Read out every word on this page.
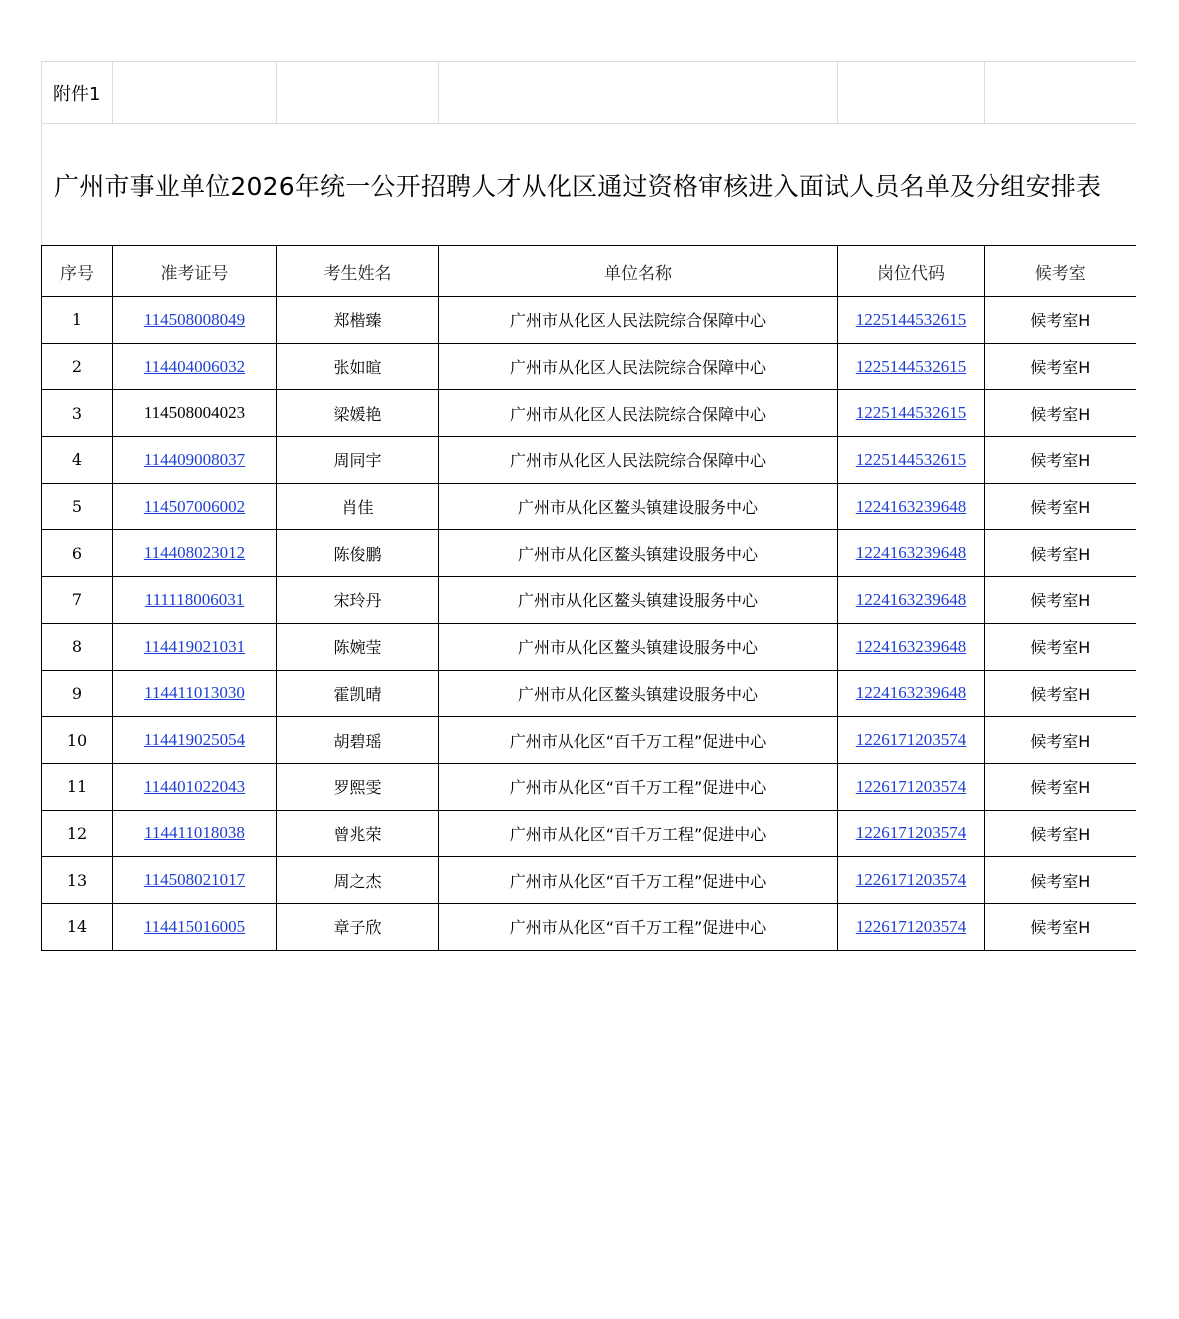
附件1					
广州市事业单位2026年统一公开招聘人才从化区通过资格审核进入面试人员名单及分组安排表					
序号	准考证号	考生姓名	单位名称	岗位代码	候考室
1	114508008049	郑楷臻	广州市从化区人民法院综合保障中心	1225144532615	候考室H
2	114404006032	张如暄	广州市从化区人民法院综合保障中心	1225144532615	候考室H
3	114508004023	梁媛艳	广州市从化区人民法院综合保障中心	1225144532615	候考室H
4	114409008037	周同宇	广州市从化区人民法院综合保障中心	1225144532615	候考室H
5	114507006002	肖佳	广州市从化区鳌头镇建设服务中心	1224163239648	候考室H
6	114408023012	陈俊鹏	广州市从化区鳌头镇建设服务中心	1224163239648	候考室H
7	111118006031	宋玲丹	广州市从化区鳌头镇建设服务中心	1224163239648	候考室H
8	114419021031	陈婉莹	广州市从化区鳌头镇建设服务中心	1224163239648	候考室H
9	114411013030	霍凯晴	广州市从化区鳌头镇建设服务中心	1224163239648	候考室H
10	114419025054	胡碧瑶	广州市从化区“百千万工程”促进中心	1226171203574	候考室H
11	114401022043	罗熙雯	广州市从化区“百千万工程”促进中心	1226171203574	候考室H
12	114411018038	曾兆荣	广州市从化区“百千万工程”促进中心	1226171203574	候考室H
13	114508021017	周之杰	广州市从化区“百千万工程”促进中心	1226171203574	候考室H
14	114415016005	章子欣	广州市从化区“百千万工程”促进中心	1226171203574	候考室H
